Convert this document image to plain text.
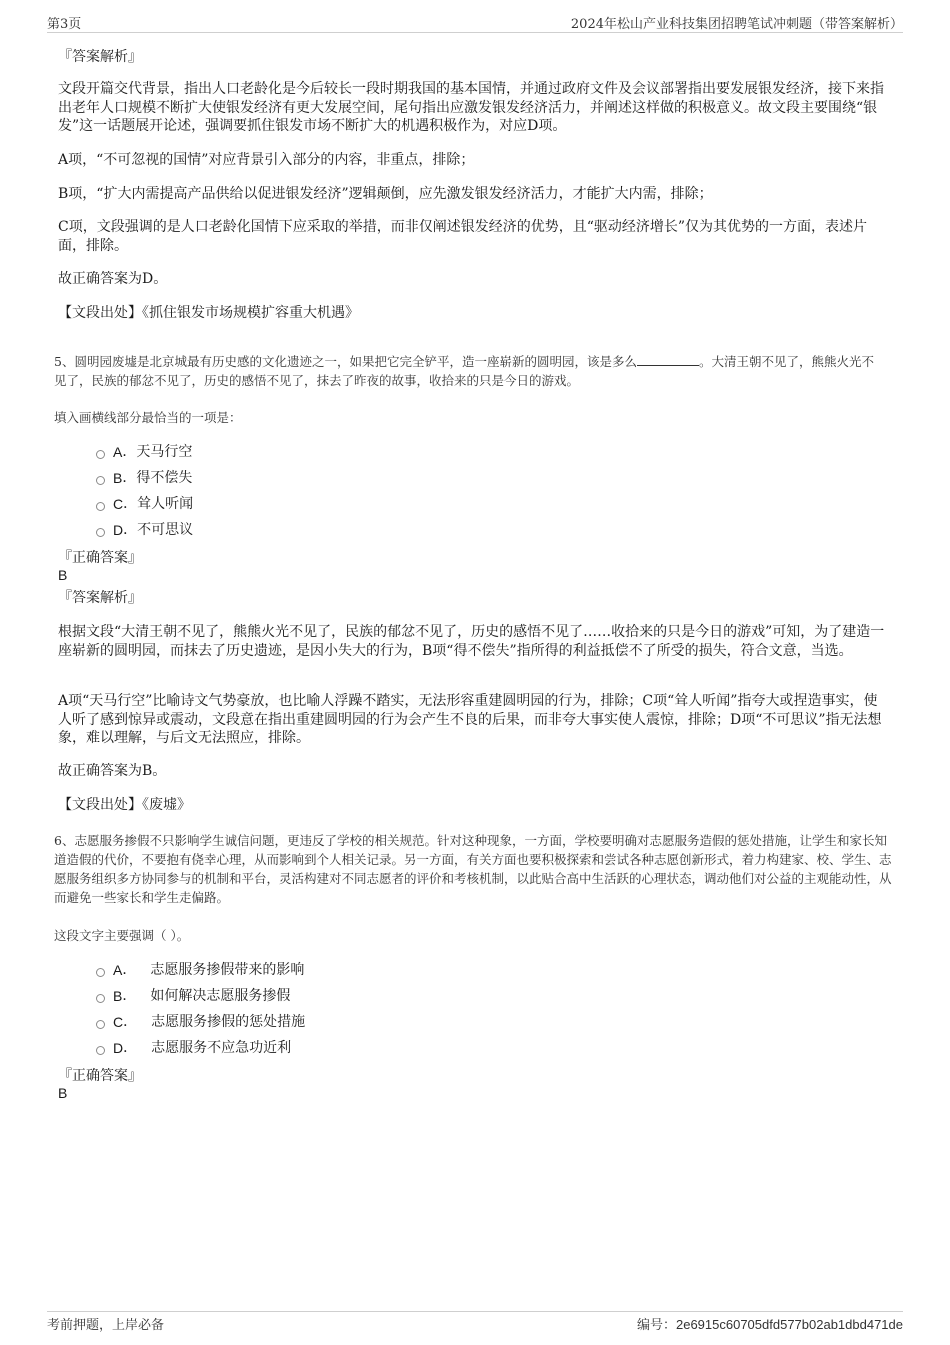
第3页	2024年松山产业科技集团招聘笔试冲刺题（带答案解析）
『答案解析』
文段开篇交代背景，指出人口老龄化是今后较长一段时期我国的基本国情，并通过政府文件及会议部署指出要发展银发经济，接下来指出老年人口规模不断扩大使银发经济有更大发展空间，尾句指出应激发银发经济活力，并阐述这样做的积极意义。故文段主要围绕“银发”这一话题展开论述，强调要抓住银发市场不断扩大的机遇积极作为，对应D项。
A项，“不可忽视的国情”对应背景引入部分的内容，非重点，排除；
B项，“扩大内需提高产品供给以促进银发经济”逻辑颠倒，应先激发银发经济活力，才能扩大内需，排除；
C项，文段强调的是人口老龄化国情下应采取的举措，而非仅阐述银发经济的优势，且“驱动经济增长”仅为其优势的一方面，表述片面，排除。
故正确答案为D。
【文段出处】《抓住银发市场规模扩容重大机遇》
5、圆明园废墟是北京城最有历史感的文化遗迹之一，如果把它完全铲平，造一座崭新的圆明园，该是多么	。大清王朝不见了，熊熊火光不见了，民族的郁忿不见了，历史的感悟不见了，抹去了昨夜的故事，收拾来的只是今日的游戏。
填入画横线部分最恰当的一项是：
A ． 天马行空
B ． 得不偿失
C ． 耸人听闻
D ． 不可思议
『正确答案』
B
『答案解析』
根据文段“大清王朝不见了，熊熊火光不见了，民族的郁忿不见了，历史的感悟不见了……收拾来的只是今日的游戏”可知，为了建造一座崭新的圆明园，而抹去了历史遗迹，是因小失大的行为，B项“得不偿失”指所得的利益抵偿不了所受的损失，符合文意，当选。
A项“天马行空”比喻诗文气势豪放，也比喻人浮躁不踏实，无法形容重建圆明园的行为，排除；C项“耸人听闻”指夸大或捏造事实，使人听了感到惊异或震动，文段意在指出重建圆明园的行为会产生不良的后果，而非夸大事实使人震惊，排除；D项“不可思议”指无法想象，难以理解，与后文无法照应，排除。
故正确答案为B。
【文段出处】《废墟》
6、志愿服务掺假不只影响学生诚信问题，更违反了学校的相关规范。针对这种现象，一方面，学校要明确对志愿服务造假的惩处措施，让学生和家长知道造假的代价，不要抱有侥幸心理，从而影响到个人相关记录。另一方面，有关方面也要积极探索和尝试各种志愿创新形式，着力构建家、校、学生、志愿服务组织多方协同参与的机制和平台，灵活构建对不同志愿者的评价和考核机制，以此贴合高中生活跃的心理状态，调动他们对公益的主观能动性，从而避免一些家长和学生走偏路。
这段文字主要强调（ ）。
A ． 志愿服务掺假带来的影响
B ． 如何解决志愿服务掺假
C ． 志愿服务掺假的惩处措施
D ． 志愿服务不应急功近利
『正确答案』
B
考前押题，上岸必备	编号：2e6915c60705dfd577b02ab1dbd471de
